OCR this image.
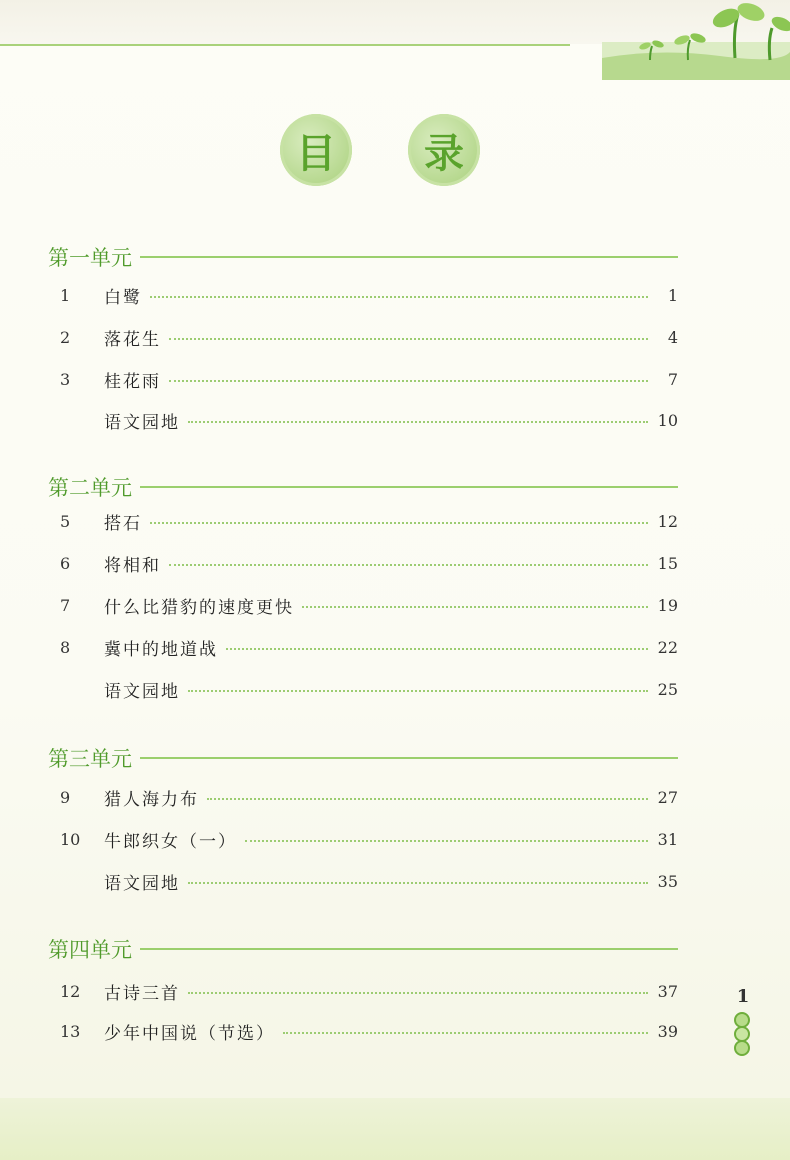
目	录
第一单元
1	白鹭	1
2	落花生	4
3	桂花雨	7
语文园地	10
第二单元
5	搭石	12
6	将相和	15
7	什么比猎豹的速度更快	19
8	冀中的地道战	22
语文园地	25
第三单元
9	猎人海力布	27
10	牛郎织女（一）	31
语文园地	35
第四单元
12	古诗三首	37
13	少年中国说（节选）	39
1
